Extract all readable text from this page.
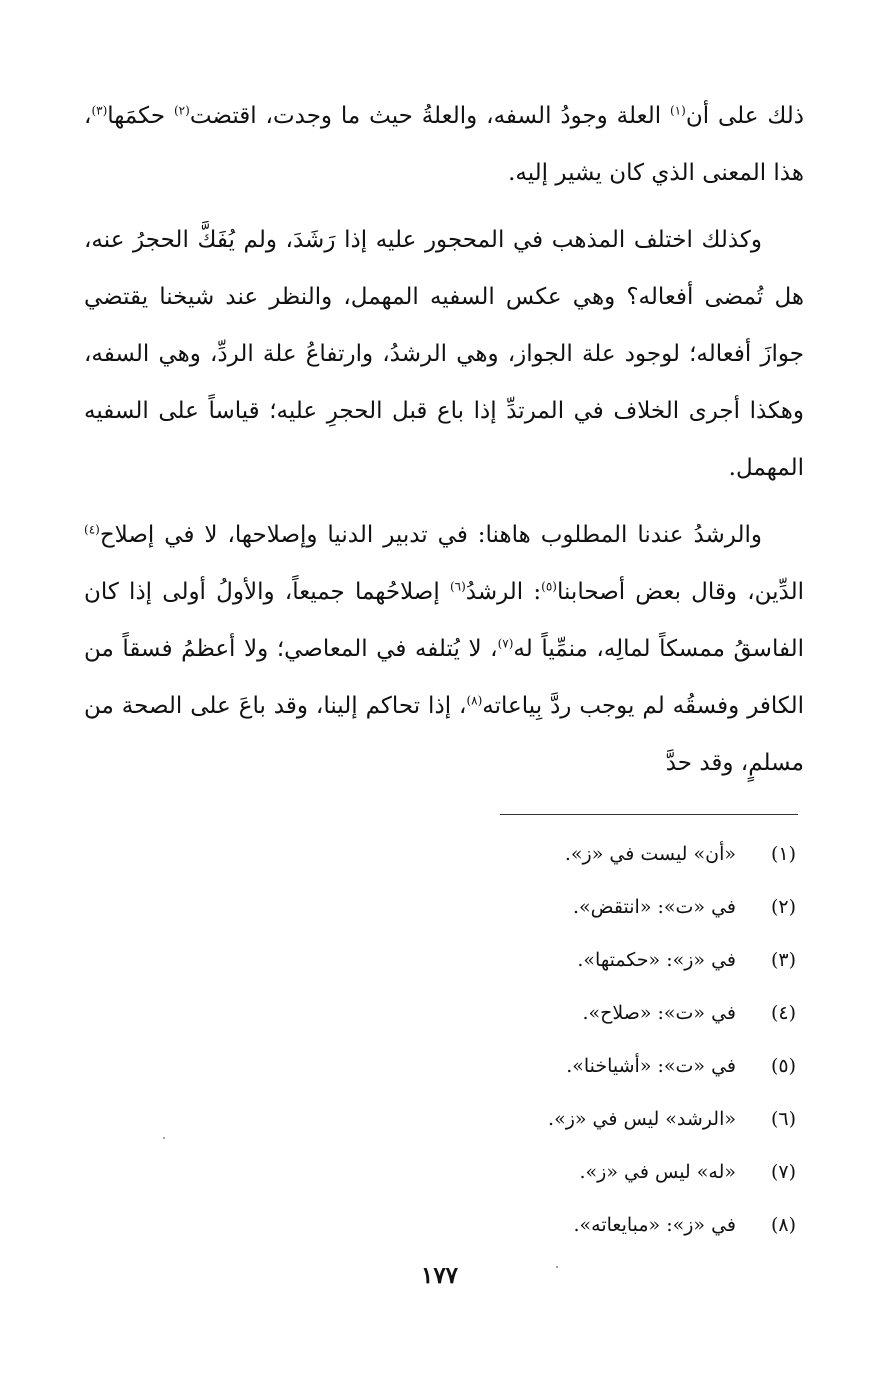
ذلك على أن$^{(١)}$ العلة وجودُ السفه، والعلةُ حيث ما وجدت، اقتضت$^{(٢)}$ حكمَها$^{(٣)}$، هذا المعنى الذي كان يشير إليه.

وكذلك اختلف المذهب في المحجور عليه إذا رَشَدَ، ولم يُفَكَّ الحجرُ عنه، هل تُمضى أفعاله؟ وهي عكس السفيه المهمل، والنظر عند شيخنا يقتضي جوازَ أفعاله؛ لوجود علة الجواز، وهي الرشدُ، وارتفاعُ علة الردِّ، وهي السفه، وهكذا أجرى الخلاف في المرتدِّ إذا باع قبل الحجرِ عليه؛ قياساً على السفيه المهمل.

والرشدُ عندنا المطلوب هاهنا: في تدبير الدنيا وإصلاحها، لا في إصلاح$^{(٤)}$ الدِّين، وقال بعض أصحابنا$^{(٥)}$: الرشدُ$^{(٦)}$ إصلاحُهما جميعاً، والأولُ أولى إذا كان الفاسقُ ممسكاً لمالِه، منمِّياً له$^{(٧)}$، لا يُتلفه في المعاصي؛ ولا أعظمُ فسقاً من الكافر وفسقُه لم يوجب ردَّ بِياعاته$^{(٨)}$، إذا تحاكم إلينا، وقد باعَ على الصحة من مسلمٍ، وقد حدَّ

(١)«أن» ليست في «ز».
(٢)في «ت»: «انتقض».
(٣)في «ز»: «حكمتها».
(٤)في «ت»: «صلاح».
(٥)في «ت»: «أشياخنا».
(٦)«الرشد» ليس في «ز».
(٧)«له» ليس في «ز».
(٨)في «ز»: «مبايعاته».
١٧٧
